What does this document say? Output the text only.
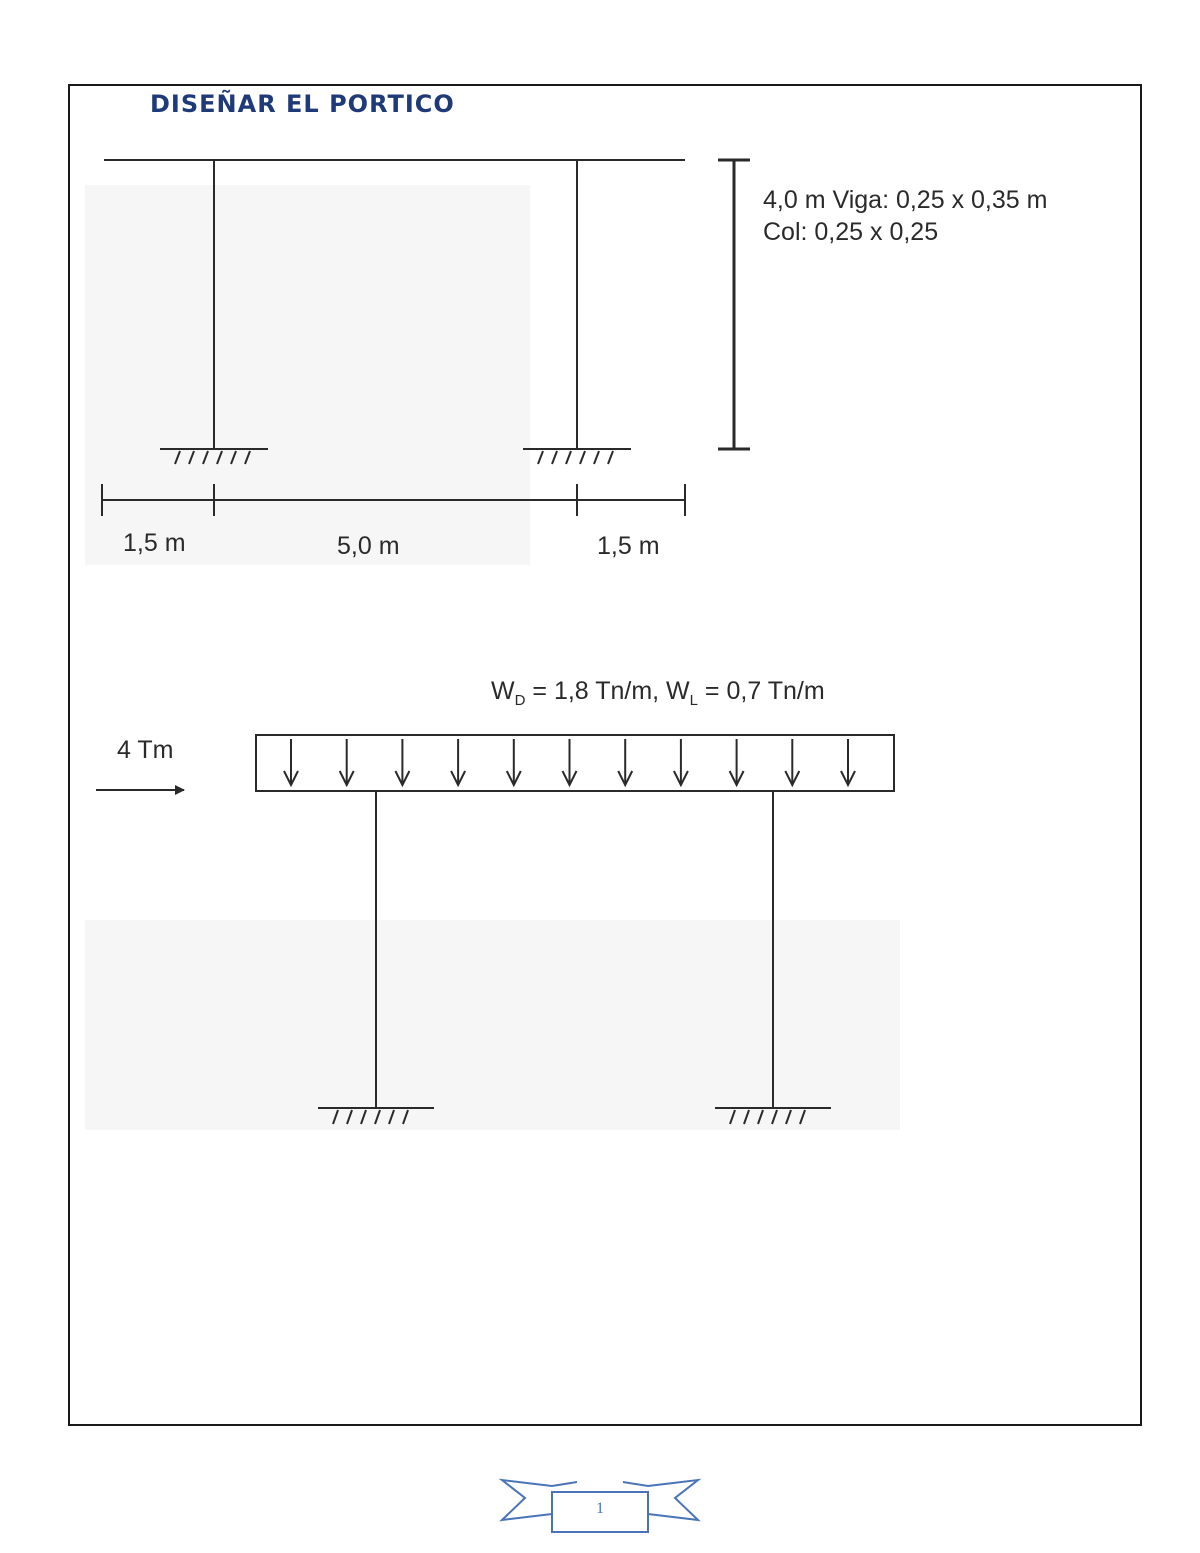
DISEÑAR EL PORTICO
4,0 m Viga: 0,25 x 0,35 m
Col: 0,25 x 0,25
1,5 m	5,0 m	1,5 m
$W_D = 1,8$ Tn/m, $W_L = 0,7$ Tn/m
4 Tm
1
